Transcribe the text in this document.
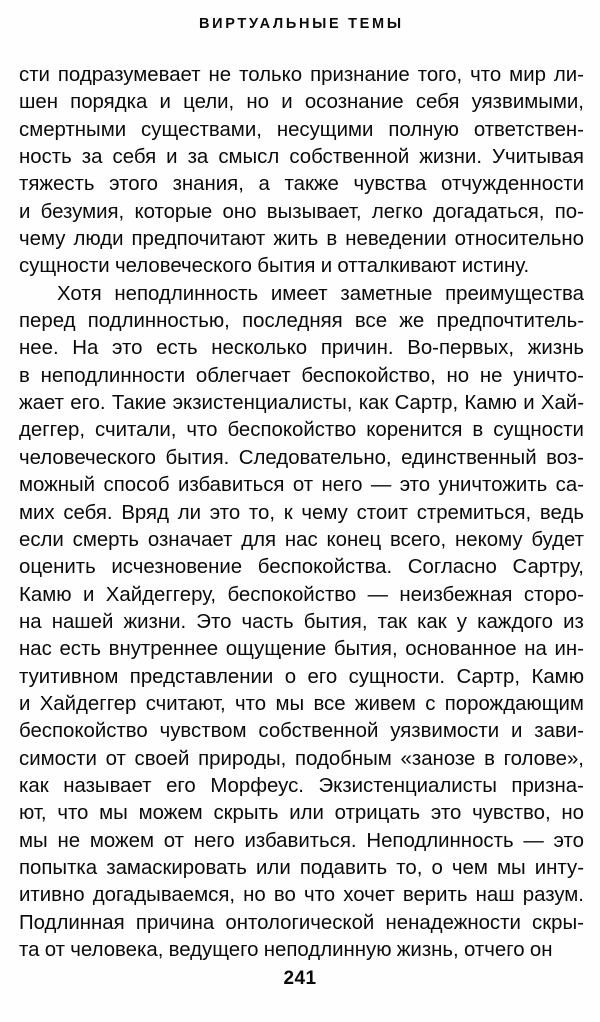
ВИРТУАЛЬНЫЕ ТЕМЫ
сти подразумевает не только признание того, что мир ли-
шен порядка и цели, но и осознание себя уязвимыми,
смертными существами, несущими полную ответствен-
ность за себя и за смысл собственной жизни. Учитывая
тяжесть этого знания, а также чувства отчужденности
и безумия, которые оно вызывает, легко догадаться, по-
чему люди предпочитают жить в неведении относительно
сущности человеческого бытия и отталкивают истину.
Хотя неподлинность имеет заметные преимущества
перед подлинностью, последняя все же предпочтитель-
нее. На это есть несколько причин. Во-первых, жизнь
в неподлинности облегчает беспокойство, но не уничто-
жает его. Такие экзистенциалисты, как Сартр, Камю и Хай-
деггер, считали, что беспокойство коренится в сущности
человеческого бытия. Следовательно, единственный воз-
можный способ избавиться от него — это уничтожить са-
мих себя. Вряд ли это то, к чему стоит стремиться, ведь
если смерть означает для нас конец всего, некому будет
оценить исчезновение беспокойства. Согласно Сартру,
Камю и Хайдеггеру, беспокойство — неизбежная сторо-
на нашей жизни. Это часть бытия, так как у каждого из
нас есть внутреннее ощущение бытия, основанное на ин-
туитивном представлении о его сущности. Сартр, Камю
и Хайдеггер считают, что мы все живем с порождающим
беспокойство чувством собственной уязвимости и зави-
симости от своей природы, подобным «занозе в голове»,
как называет его Морфеус. Экзистенциалисты призна-
ют, что мы можем скрыть или отрицать это чувство, но
мы не можем от него избавиться. Неподлинность — это
попытка замаскировать или подавить то, о чем мы инту-
итивно догадываемся, но во что хочет верить наш разум.
Подлинная причина онтологической ненадежности скры-
та от человека, ведущего неподлинную жизнь, отчего он
241
